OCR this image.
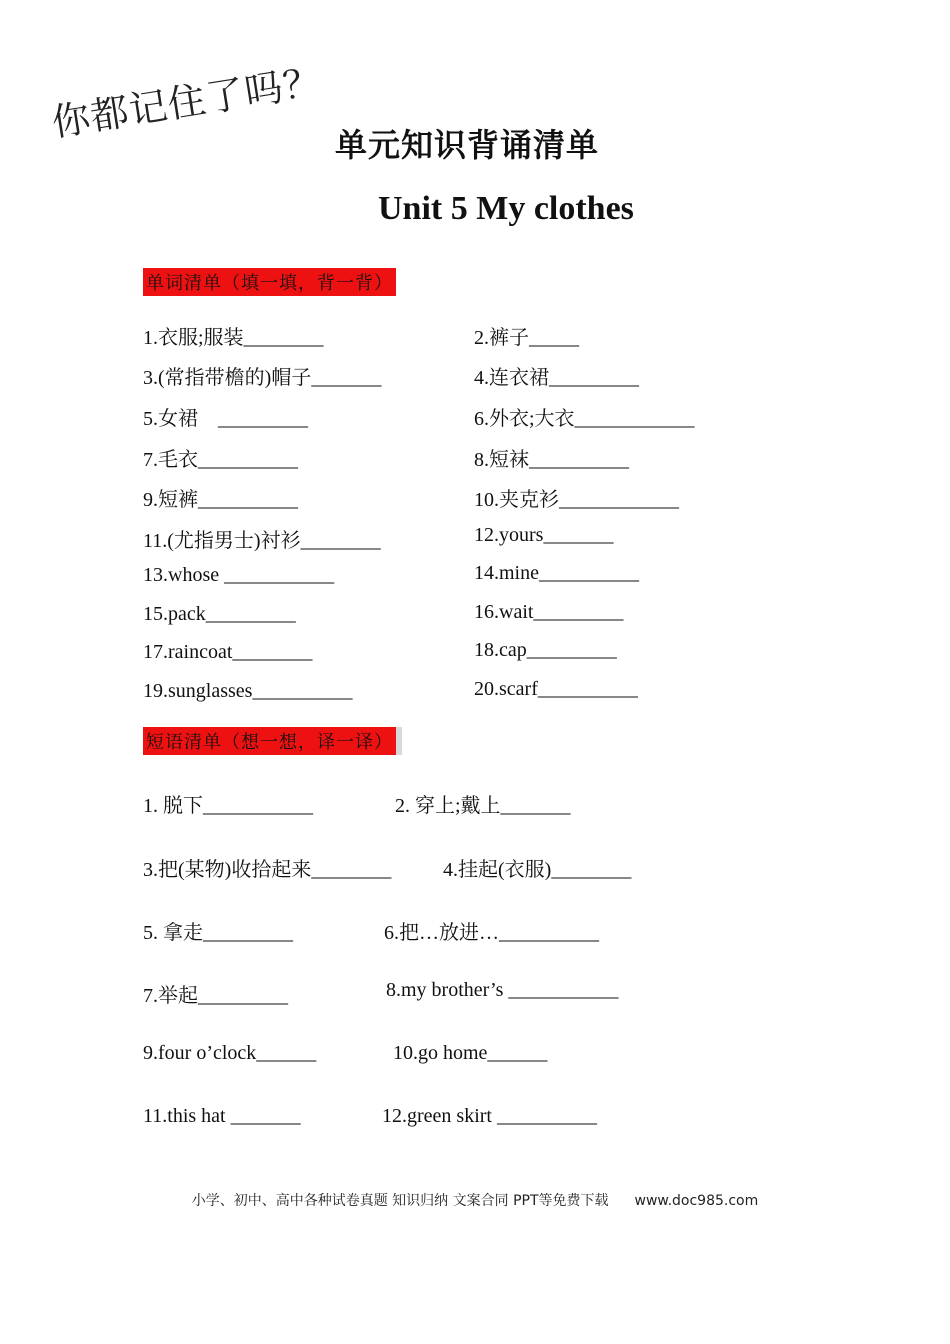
你都记住了吗？ 单元知识背诵清单
Unit 5 My clothes
单词清单（填一填，背一背）
1.衣服;服装________	2.裤子_____
3.(常指带檐的)帽子_______	4.连衣裙_________
5.女裙　_________	6.外衣;大衣____________
7.毛衣__________	8.短袜__________
9.短裤__________	10.夹克衫____________
11.(尤指男士)衬衫________	12.yours_______
13.whose ___________	14.mine__________
15.pack_________	16.wait_________
17.raincoat________	18.cap_________
19.sunglasses__________	20.scarf__________
短语清单（想一想，译一译）
1. 脱下___________	2. 穿上;戴上_______
3.把(某物)收拾起来________	4.挂起(衣服)________
5. 拿走_________	6.把…放进…__________
7.举起_________	8.my brother’s ___________
9.four o’clock______	10.go home______
11.this hat _______	12.green skirt __________
小学、初中、高中各种试卷真题 知识归纳 文案合同 PPT等免费下载 www.doc985.com
